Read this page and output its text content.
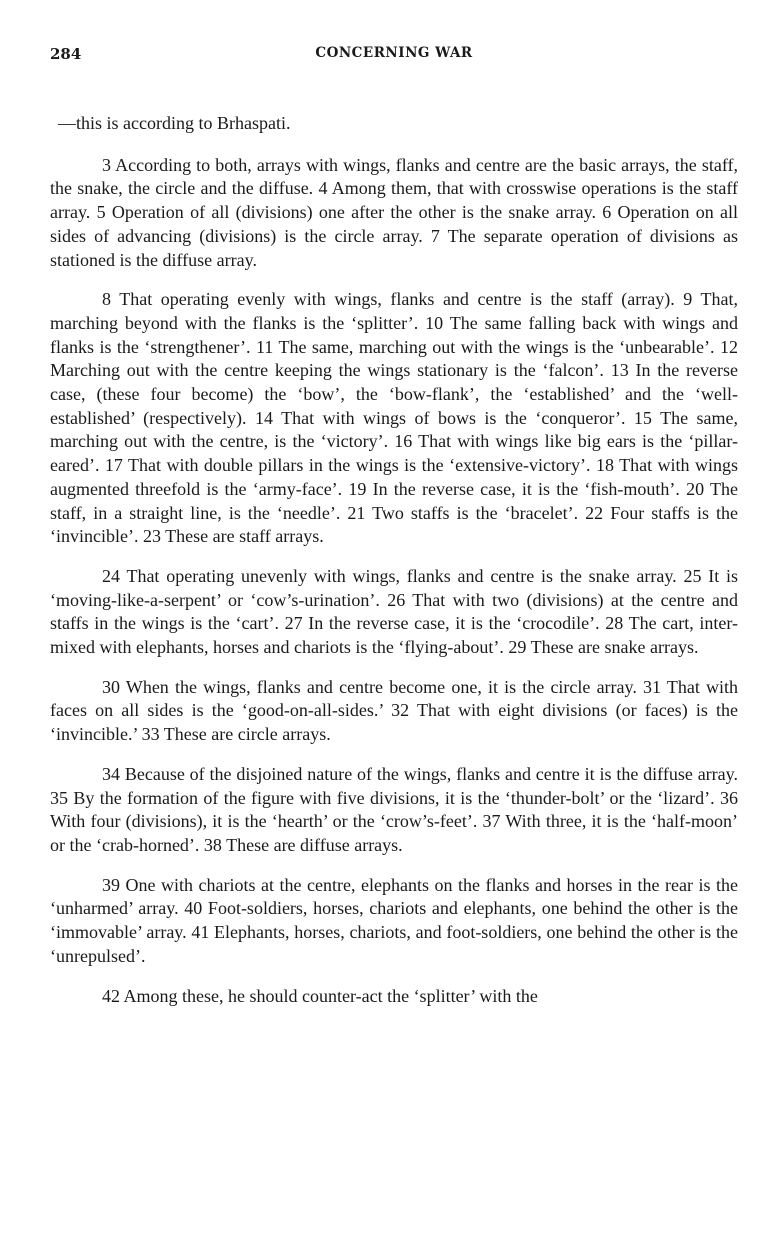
284	CONCERNING WAR

—this is according to Brhaspati.

3 According to both, arrays with wings, flanks and centre are the basic arrays, the staff, the snake, the circle and the diffuse. 4 Among them, that with crosswise operations is the staff array. 5 Operation of all (divisions) one after the other is the snake array. 6 Operation on all sides of advancing (divisions) is the circle array. 7 The separate operation of divisions as stationed is the diffuse array.

8 That operating evenly with wings, flanks and centre is the staff (array). 9 That, marching beyond with the flanks is the ‘splitter’. 10 The same falling back with wings and flanks is the ‘strengthener’. 11 The same, marching out with the wings is the ‘unbearable’. 12 Marching out with the centre keeping the wings stationary is the ‘falcon’. 13 In the reverse case, (these four become) the ‘bow’, the ‘bow-flank’, the ‘established’ and the ‘well-established’ (respectively). 14 That with wings of bows is the ‘conqueror’. 15 The same, marching out with the centre, is the ‘victory’. 16 That with wings like big ears is the ‘pillar-eared’. 17 That with double pillars in the wings is the ‘extensive-victory’. 18 That with wings augmented threefold is the ‘army-face’. 19 In the reverse case, it is the ‘fish-mouth’. 20 The staff, in a straight line, is the ‘needle’. 21 Two staffs is the ‘bracelet’. 22 Four staffs is the ‘invincible’. 23 These are staff arrays.

24 That operating unevenly with wings, flanks and centre is the snake array. 25 It is ‘moving-like-a-serpent’ or ‘cow’s-urination’. 26 That with two (divisions) at the centre and staffs in the wings is the ‘cart’. 27 In the reverse case, it is the ‘crocodile’. 28 The cart, inter-mixed with elephants, horses and chariots is the ‘flying-about’. 29 These are snake arrays.

30 When the wings, flanks and centre become one, it is the circle array. 31 That with faces on all sides is the ‘good-on-all-sides.’ 32 That with eight divisions (or faces) is the ‘invincible.’ 33 These are circle arrays.

34 Because of the disjoined nature of the wings, flanks and centre it is the diffuse array. 35 By the formation of the figure with five divisions, it is the ‘thunder-bolt’ or the ‘lizard’. 36 With four (divisions), it is the ‘hearth’ or the ‘crow’s-feet’. 37 With three, it is the ‘half-moon’ or the ‘crab-horned’. 38 These are diffuse arrays.

39 One with chariots at the centre, elephants on the flanks and horses in the rear is the ‘unharmed’ array. 40 Foot-soldiers, horses, chariots and elephants, one behind the other is the ‘immovable’ array. 41 Elephants, horses, chariots, and foot-soldiers, one behind the other is the ‘unrepulsed’.

42 Among these, he should counter-act the ‘splitter’ with the
